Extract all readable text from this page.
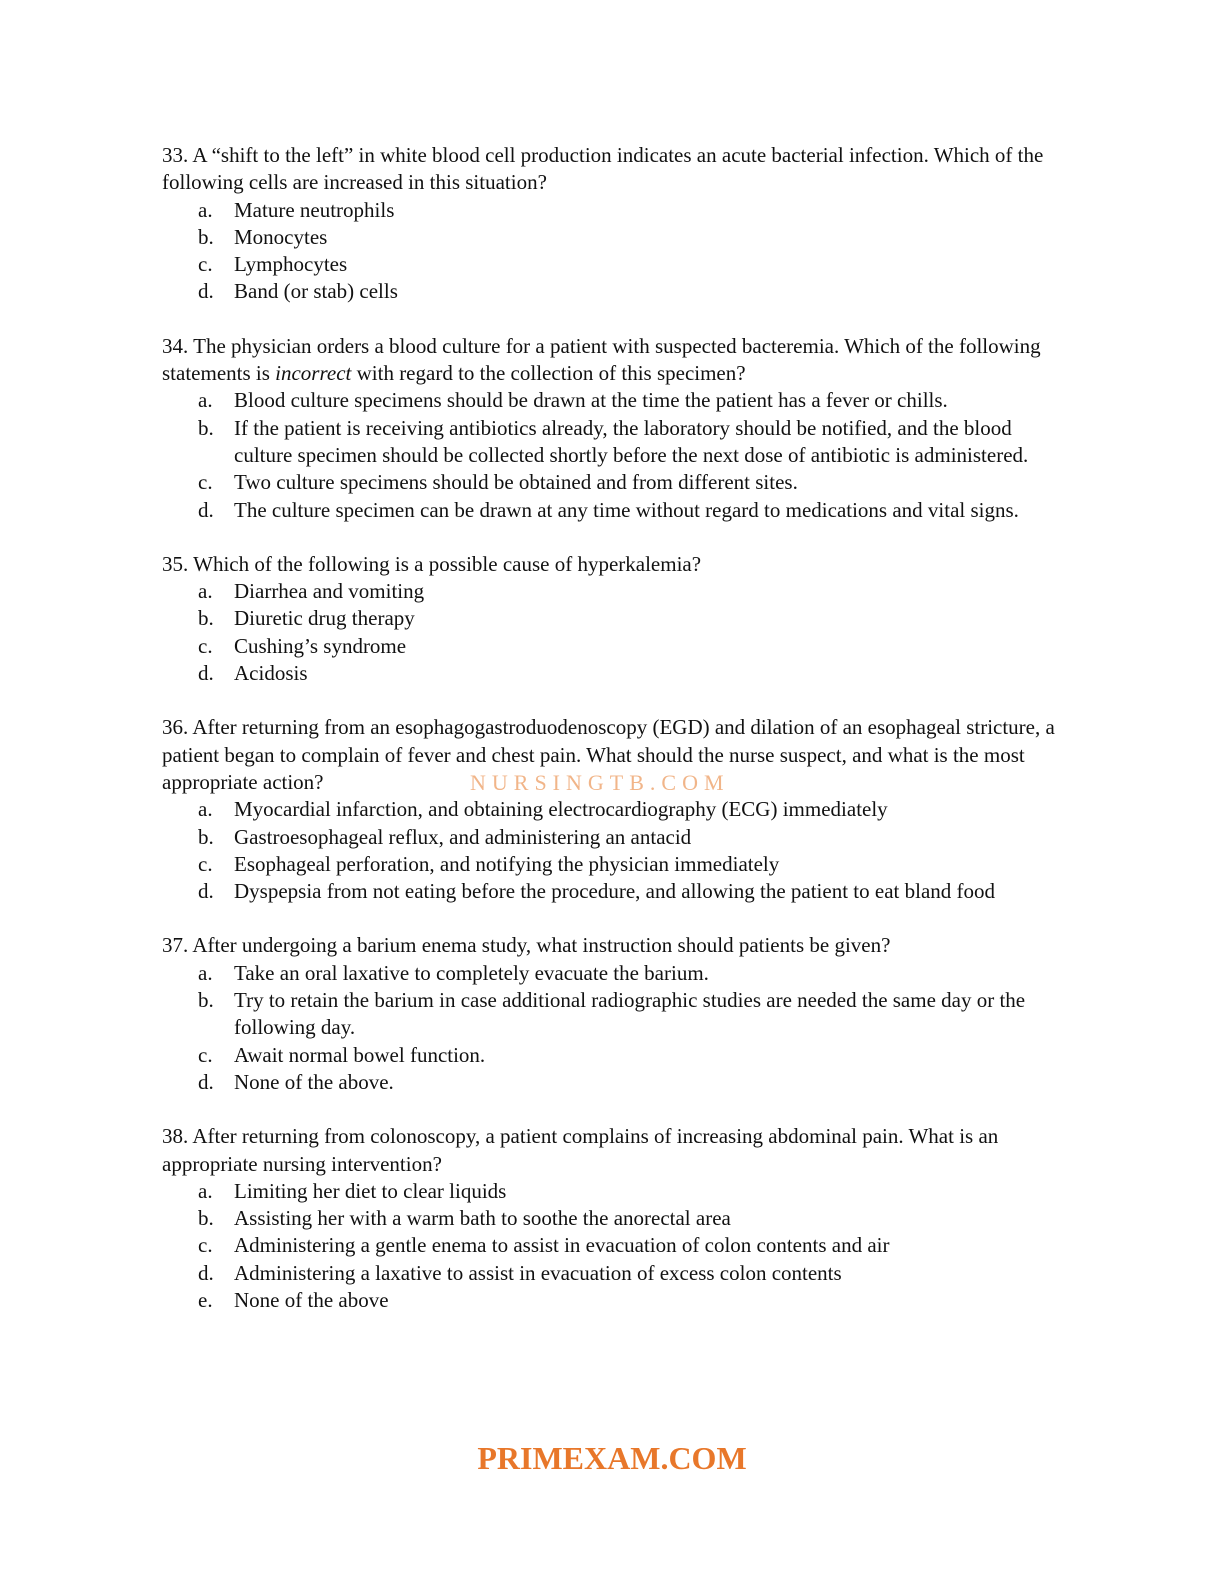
33. A “shift to the left” in white blood cell production indicates an acute bacterial infection. Which of the following cells are increased in this situation?

a.	Mature neutrophils
b. Monocytes
c.	Lymphocytes
d. Band (or stab) cells

34. The physician orders a blood culture for a patient with suspected bacteremia. Which of the following statements is incorrect with regard to the collection of this specimen?

a.	Blood culture specimens should be drawn at the time the patient has a fever or chills.
b. If the patient is receiving antibiotics already, the laboratory should be notified, and the blood culture specimen should be collected shortly before the next dose of antibiotic is administered.
c.	Two culture specimens should be obtained and from different sites.
d. The culture specimen can be drawn at any time without regard to medications and vital signs.

35. Which of the following is a possible cause of hyperkalemia?

a.	Diarrhea and vomiting
b. Diuretic drug therapy
c.	Cushing’s syndrome
d. Acidosis

36. After returning from an esophagogastroduodenoscopy (EGD) and dilation of an esophageal stricture, a patient began to complain of fever and chest pain. What should the nurse suspect, and what is the most appropriate action?

a.	Myocardial infarction, and obtaining electrocardiography (ECG) immediately
b. Gastroesophageal reflux, and administering an antacid
c.	Esophageal perforation, and notifying the physician immediately
d. Dyspepsia from not eating before the procedure, and allowing the patient to eat bland food

37. After undergoing a barium enema study, what instruction should patients be given?

a.	Take an oral laxative to completely evacuate the barium.
b. Try to retain the barium in case additional radiographic studies are needed the same day or the following day.
c.	Await normal bowel function.
d. None of the above.

38. After returning from colonoscopy, a patient complains of increasing abdominal pain. What is an appropriate nursing intervention?

a.	Limiting her diet to clear liquids
b. Assisting her with a warm bath to soothe the anorectal area
c.	Administering a gentle enema to assist in evacuation of colon contents and air
d. Administering a laxative to assist in evacuation of excess colon contents
e.	None of the above
NURSINGTB.COM
PRIMEXAM.COM
